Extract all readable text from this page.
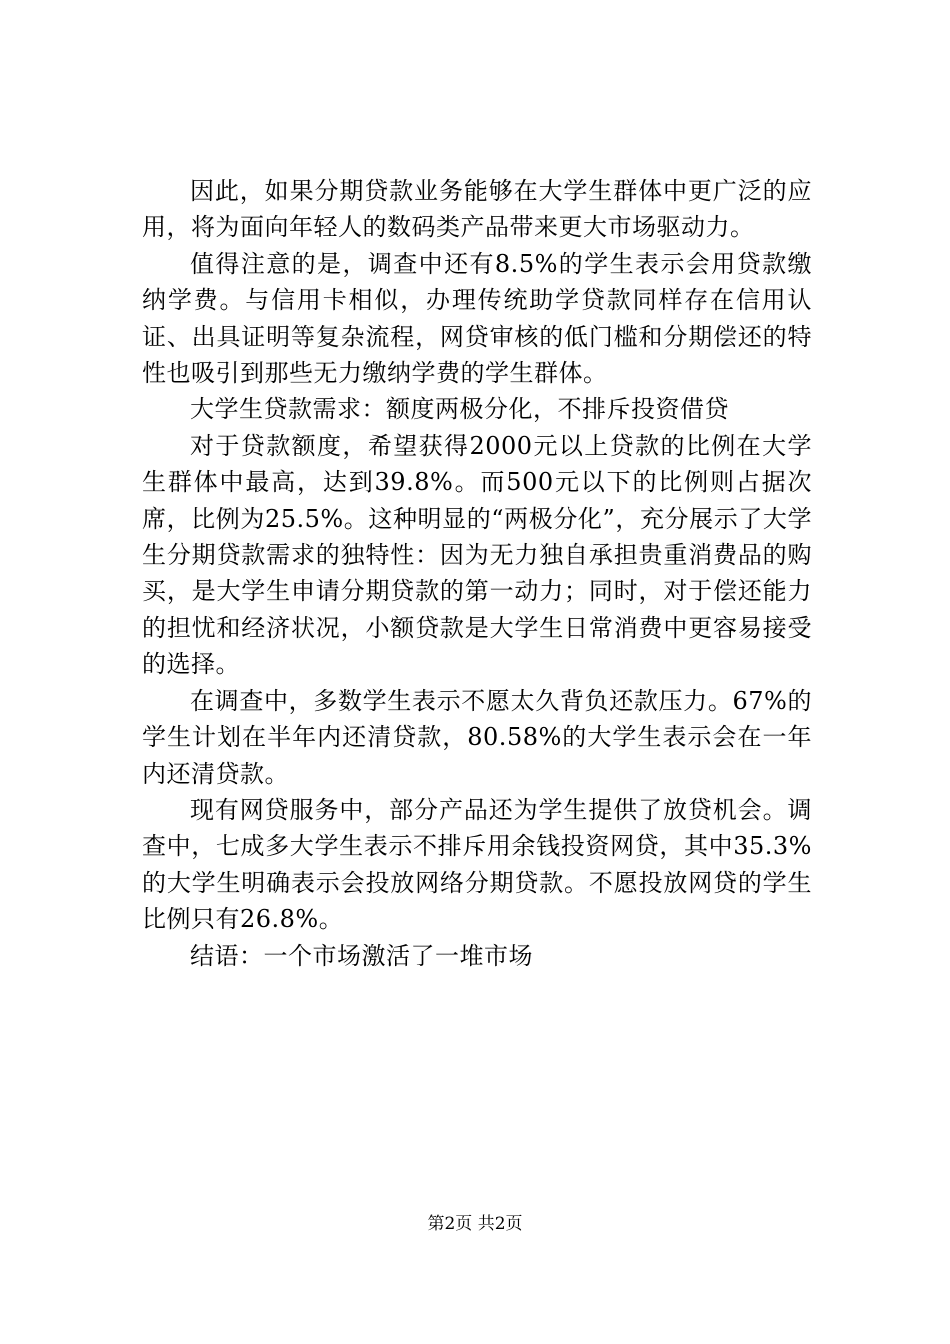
因此，如果分期贷款业务能够在大学生群体中更广泛的应用，将为面向年轻人的数码类产品带来更大市场驱动力。

值得注意的是，调查中还有8.5%的学生表示会用贷款缴纳学费。与信用卡相似，办理传统助学贷款同样存在信用认证、出具证明等复杂流程，网贷审核的低门槛和分期偿还的特性也吸引到那些无力缴纳学费的学生群体。

大学生贷款需求：额度两极分化，不排斥投资借贷

对于贷款额度，希望获得2000元以上贷款的比例在大学生群体中最高，达到39.8%。而500元以下的比例则占据次席，比例为25.5%。这种明显的“两极分化”，充分展示了大学生分期贷款需求的独特性：因为无力独自承担贵重消费品的购买，是大学生申请分期贷款的第一动力；同时，对于偿还能力的担忧和经济状况，小额贷款是大学生日常消费中更容易接受的选择。

在调查中，多数学生表示不愿太久背负还款压力。67%的学生计划在半年内还清贷款，80.58%的大学生表示会在一年内还清贷款。

现有网贷服务中，部分产品还为学生提供了放贷机会。调查中，七成多大学生表示不排斥用余钱投资网贷，其中35.3%的大学生明确表示会投放网络分期贷款。不愿投放网贷的学生比例只有26.8%。

结语：一个市场激活了一堆市场

第2页 共2页
